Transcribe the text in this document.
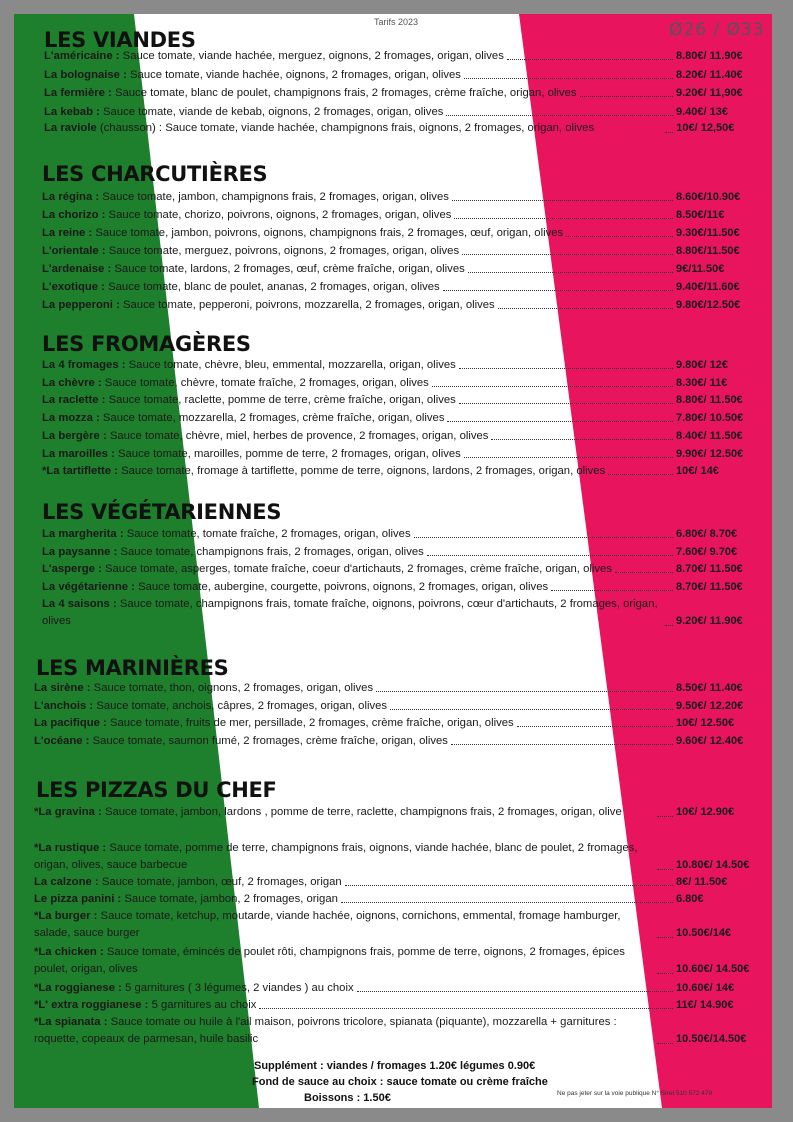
Tarifs 2023	Ø26 / Ø33
LES VIANDES
L'américaine : Sauce tomate, viande hachée, merguez, oignons, 2 fromages, origan, olives	8.80€/ 11.90€
La bolognaise : Sauce tomate, viande hachée, oignons, 2 fromages, origan, olives	8.20€/ 11.40€
La fermière : Sauce tomate, blanc de poulet, champignons frais, 2 fromages, crème fraîche, origan, olives	9.20€/ 11,90€
La kebab : Sauce tomate, viande de kebab, oignons, 2 fromages, origan, olives	9.40€/ 13€
La raviole (chausson) : Sauce tomate, viande hachée, champignons frais, oignons, 2 fromages, origan, olives	10€/ 12,50€
LES CHARCUTIÈRES
La régina : Sauce tomate, jambon, champignons frais, 2 fromages, origan, olives	8.60€/10.90€
La chorizo : Sauce tomate, chorizo, poivrons, oignons, 2 fromages, origan, olives	8.50€/11€
La reine : Sauce tomate, jambon, poivrons, oignons, champignons frais, 2 fromages, œuf, origan, olives	9.30€/11.50€
L'orientale : Sauce tomate, merguez, poivrons, oignons, 2 fromages, origan, olives	8.80€/11.50€
L'ardenaise : Sauce tomate, lardons, 2 fromages, œuf, crème fraîche, origan, olives	9€/11.50€
L'exotique : Sauce tomate, blanc de poulet, ananas, 2 fromages, origan, olives	9.40€/11.60€
La pepperoni : Sauce tomate, pepperoni, poivrons, mozzarella, 2 fromages, origan, olives	9.80€/12.50€
LES FROMAGÈRES
La 4 fromages : Sauce tomate, chèvre, bleu, emmental, mozzarella, origan, olives	9.80€/ 12€
La chèvre : Sauce tomate, chèvre, tomate fraîche, 2 fromages, origan, olives	8.30€/ 11€
La raclette : Sauce tomate, raclette, pomme de terre, crème fraîche, origan, olives	8.80€/ 11.50€
La mozza : Sauce tomate, mozzarella, 2 fromages, crème fraîche, origan, olives	7.80€/ 10.50€
La bergère : Sauce tomate, chèvre, miel, herbes de provence, 2 fromages, origan, olives	8.40€/ 11.50€
La maroilles : Sauce tomate, maroilles, pomme de terre, 2 fromages, origan, olives	9.90€/ 12.50€
*La tartiflette : Sauce tomate, fromage à tartiflette, pomme de terre, oignons, lardons, 2 fromages, origan, olives	10€/ 14€
LES VÉGÉTARIENNES
La margherita : Sauce tomate, tomate fraîche, 2 fromages, origan, olives	6.80€/ 8.70€
La paysanne : Sauce tomate, champignons frais, 2 fromages, origan, olives	7.60€/ 9.70€
L'asperge : Sauce tomate, asperges, tomate fraîche, coeur d'artichauts, 2 fromages, crème fraîche, origan, olives	8.70€/ 11.50€
La végétarienne : Sauce tomate, aubergine, courgette, poivrons, oignons, 2 fromages, origan, olives	8.70€/ 11.50€
La 4 saisons : Sauce tomate, champignons frais, tomate fraîche, oignons, poivrons, cœur d'artichauts, 2 fromages, origan, olives	9.20€/ 11.90€
LES MARINIÈRES
La sirène : Sauce tomate, thon, oignons, 2 fromages, origan, olives	8.50€/ 11.40€
L'anchois : Sauce tomate, anchois, câpres, 2 fromages, origan, olives	9.50€/ 12.20€
La pacifique : Sauce tomate, fruits de mer, persillade, 2 fromages, crème fraîche, origan, olives	10€/ 12.50€
L'océane : Sauce tomate, saumon fumé, 2 fromages, crème fraîche, origan, olives	9.60€/ 12.40€
LES PIZZAS DU CHEF
*La gravina : Sauce tomate, jambon, lardons , pomme de terre, raclette, champignons frais, 2 fromages, origan, olive	10€/ 12.90€
*La rustique : Sauce tomate, pomme de terre, champignons frais, oignons, viande hachée, blanc de poulet, 2 fromages, origan, olives, sauce barbecue	10.80€/ 14.50€
La calzone : Sauce tomate, jambon, œuf, 2 fromages, origan	8€/ 11.50€
Le pizza panini : Sauce tomate, jambon, 2 fromages, origan	6.80€
*La burger : Sauce tomate, ketchup, moutarde, viande hachée, oignons, cornichons, emmental, fromage hamburger, salade, sauce burger	10.50€/14€
*La chicken : Sauce tomate, émincés de poulet rôti, champignons frais, pomme de terre, oignons, 2 fromages, épices poulet, origan, olives	10.60€/ 14.50€
*La roggianese : 5 garnitures ( 3 légumes, 2 viandes ) au choix	10.60€/ 14€
*L' extra roggianese : 5 garnitures au choix	11€/ 14.90€
*La spianata : Sauce tomate ou huile à l'ail maison, poivrons tricolore, spianata (piquante), mozzarella + garnitures : roquette, copeaux de parmesan, huile basilic	10.50€/14.50€
Supplément : viandes / fromages 1.20€ légumes 0.90€
Fond de sauce au choix : sauce tomate ou crème fraîche
Boissons : 1.50€	Ne pas jeter sur la voie publique N° Siret 510 572 479
